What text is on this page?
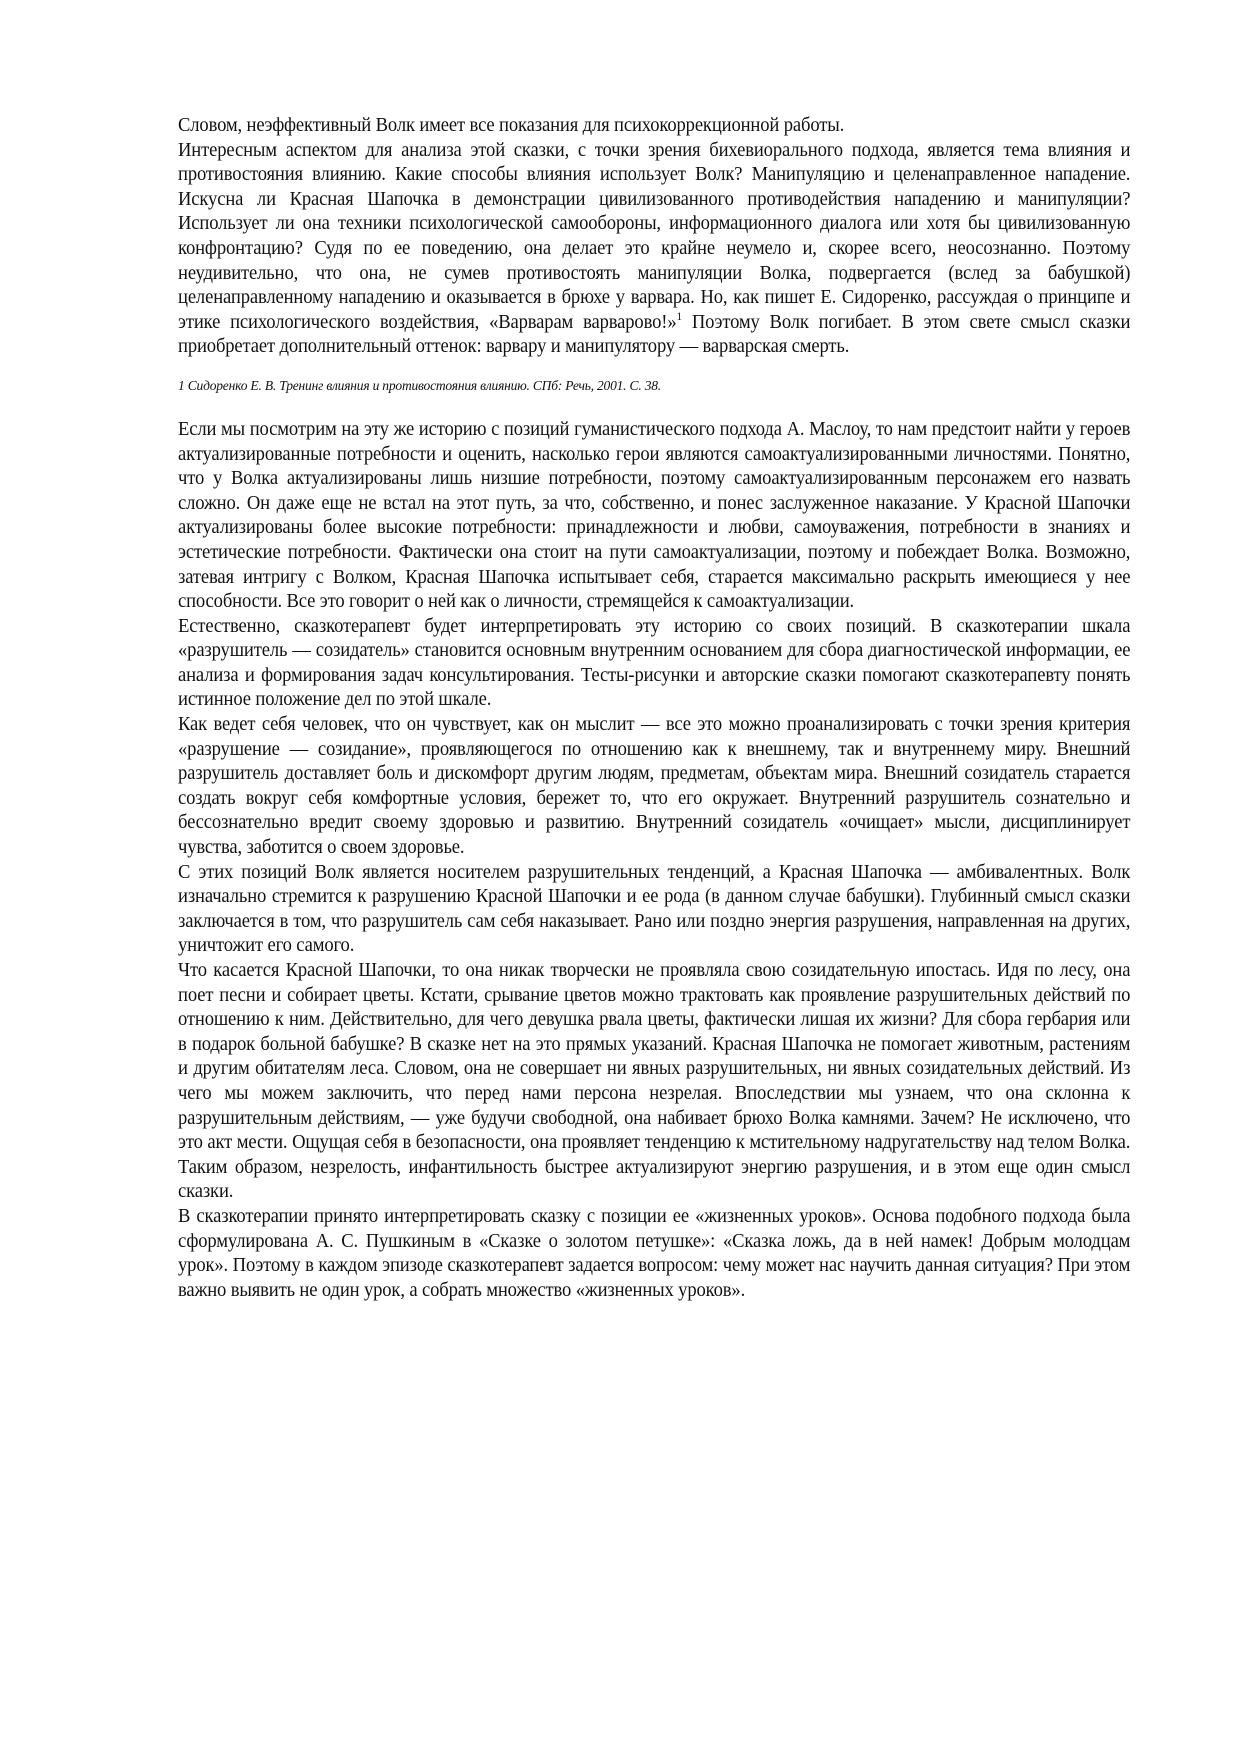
Словом, неэффективный Волк имеет все показания для психокоррекционной работы.

Интересным аспектом для анализа этой сказки, с точки зрения бихевиорального подхода, является тема влияния и противостояния влиянию. Какие способы влияния использует Волк? Манипуляцию и целенаправленное нападение. Искусна ли Красная Шапочка в демонстрации цивилизованного противодействия нападению и манипуляции? Использует ли она техники психологической самообороны, информационного диалога или хотя бы цивилизованную конфронтацию? Судя по ее поведению, она делает это крайне неумело и, скорее всего, неосознанно. Поэтому неудивительно, что она, не сумев противостоять манипуляции Волка, подвергается (вслед за бабушкой) целенаправленному нападению и оказывается в брюхе у варвара. Но, как пишет Е. Сидоренко, рассуждая о принципе и этике психологического воздействия, «Варварам варварово!»$^1$ Поэтому Волк погибает. В этом свете смысл сказки приобретает дополнительный оттенок: варвару и манипулятору — варварская смерть.

1 Сидоренко Е. В. Тренинг влияния и противостояния влиянию. СПб: Речь, 2001. С. 38.

Если мы посмотрим на эту же историю с позиций гуманистического подхода А. Маслоу, то нам предстоит найти у героев актуализированные потребности и оценить, насколько герои являются самоактуализированными личностями. Понятно, что у Волка актуализированы лишь низшие потребности, поэтому самоактуализированным персонажем его назвать сложно. Он даже еще не встал на этот путь, за что, собственно, и понес заслуженное наказание. У Красной Шапочки актуализированы более высокие потребности: принадлежности и любви, самоуважения, потребности в знаниях и эстетические потребности. Фактически она стоит на пути самоактуализации, поэтому и побеждает Волка. Возможно, затевая интригу с Волком, Красная Шапочка испытывает себя, старается максимально раскрыть имеющиеся у нее способности. Все это говорит о ней как о личности, стремящейся к самоактуализации.

Естественно, сказкотерапевт будет интерпретировать эту историю со своих позиций. В сказкотерапии шкала «разрушитель — созидатель» становится основным внутренним основанием для сбора диагностической информации, ее анализа и формирования задач консультирования. Тесты-рисунки и авторские сказки помогают сказкотерапевту понять истинное положение дел по этой шкале.

Как ведет себя человек, что он чувствует, как он мыслит — все это можно проанализировать с точки зрения критерия «разрушение — созидание», проявляющегося по отношению как к внешнему, так и внутреннему миру. Внешний разрушитель доставляет боль и дискомфорт другим людям, предметам, объектам мира. Внешний созидатель старается создать вокруг себя комфортные условия, бережет то, что его окружает. Внутренний разрушитель сознательно и бессознательно вредит своему здоровью и развитию. Внутренний созидатель «очищает» мысли, дисциплинирует чувства, заботится о своем здоровье.

С этих позиций Волк является носителем разрушительных тенденций, а Красная Шапочка — амбивалентных. Волк изначально стремится к разрушению Красной Шапочки и ее рода (в данном случае бабушки). Глубинный смысл сказки заключается в том, что разрушитель сам себя наказывает. Рано или поздно энергия разрушения, направленная на других, уничтожит его самого.

Что касается Красной Шапочки, то она никак творчески не проявляла свою созидательную ипостась. Идя по лесу, она поет песни и собирает цветы. Кстати, срывание цветов можно трактовать как проявление разрушительных действий по отношению к ним. Действительно, для чего девушка рвала цветы, фактически лишая их жизни? Для сбора гербария или в подарок больной бабушке? В сказке нет на это прямых указаний. Красная Шапочка не помогает животным, растениям и другим обитателям леса. Словом, она не совершает ни явных разрушительных, ни явных созидательных действий. Из чего мы можем заключить, что перед нами персона незрелая. Впоследствии мы узнаем, что она склонна к разрушительным действиям, — уже будучи свободной, она набивает брюхо Волка камнями. Зачем? Не исключено, что это акт мести. Ощущая себя в безопасности, она проявляет тенденцию к мстительному надругательству над телом Волка. Таким образом, незрелость, инфантильность быстрее актуализируют энергию разрушения, и в этом еще один смысл сказки.

В сказкотерапии принято интерпретировать сказку с позиции ее «жизненных уроков». Основа подобного подхода была сформулирована А. С. Пушкиным в «Сказке о золотом петушке»: «Сказка ложь, да в ней намек! Добрым молодцам урок». Поэтому в каждом эпизоде сказкотерапевт задается вопросом: чему может нас научить данная ситуация? При этом важно выявить не один урок, а собрать множество «жизненных уроков».
